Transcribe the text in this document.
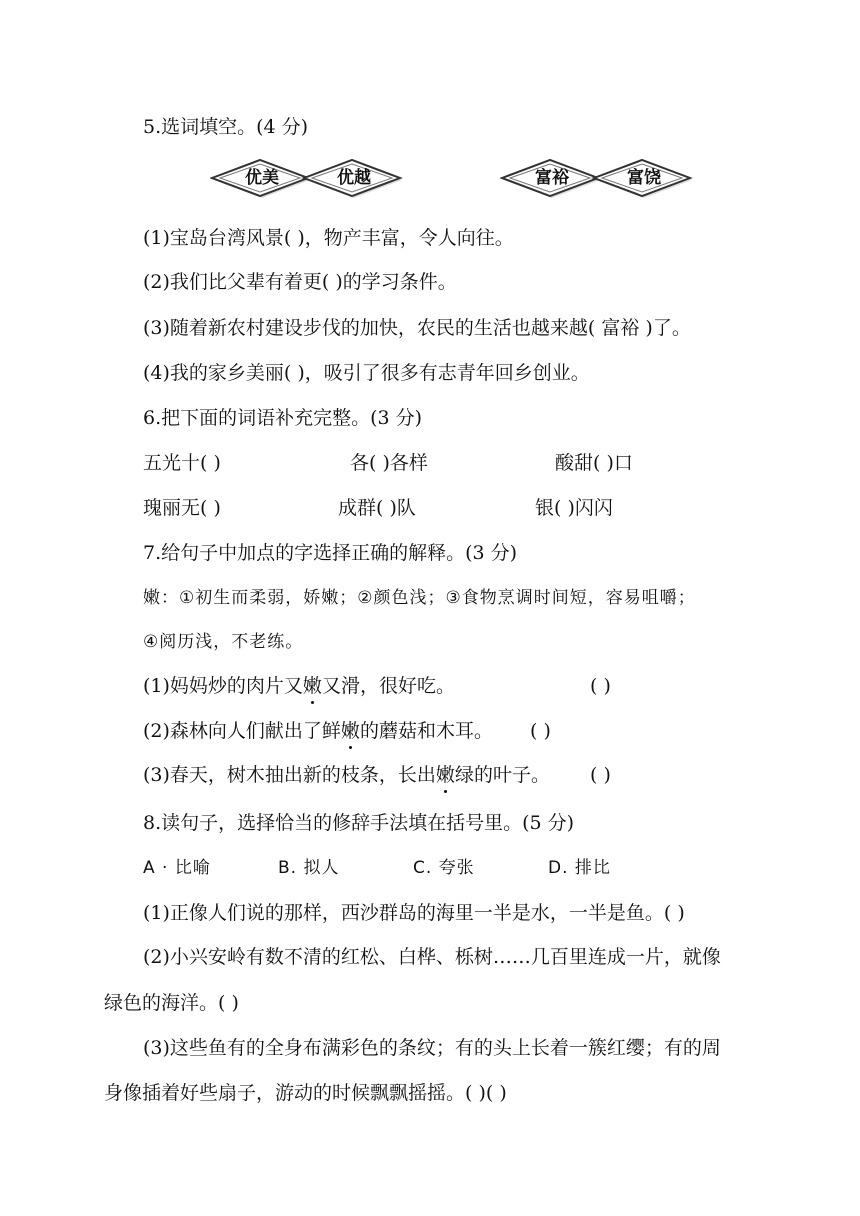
5.选词填空。(4 分)
优美	优越	富裕	富饶
(1)宝岛台湾风景( )，物产丰富，令人向往。
(2)我们比父辈有着更( )的学习条件。
(3)随着新农村建设步伐的加快，农民的生活也越来越( 富裕 )了。
(4)我的家乡美丽( )，吸引了很多有志青年回乡创业。
6.把下面的词语补充完整。(3 分)
五光十( )	各( )各样	酸甜( )口
瑰丽无( )	成群( )队	银( )闪闪
7.给句子中加点的字选择正确的解释。(3 分)
嫩：①初生而柔弱，娇嫩；②颜色浅；③食物烹调时间短，容易咀嚼；
④阅历浅，不老练。
(1)妈妈炒的肉片又嫩又滑，很好吃。	( )
(2)森林向人们献出了鲜嫩的蘑菇和木耳。 ( )
(3)春天，树木抽出新的枝条，长出嫩绿的叶子。 ( )
8.读句子，选择恰当的修辞手法填在括号里。(5 分)
A · 比喻	B. 拟人	C. 夸张	D. 排比
(1)正像人们说的那样，西沙群岛的海里一半是水，一半是鱼。( )
(2)小兴安岭有数不清的红松、白桦、栎树……几百里连成一片，就像
绿色的海洋。( )
(3)这些鱼有的全身布满彩色的条纹；有的头上长着一簇红缨；有的周
身像插着好些扇子，游动的时候飘飘摇摇。( )( )
